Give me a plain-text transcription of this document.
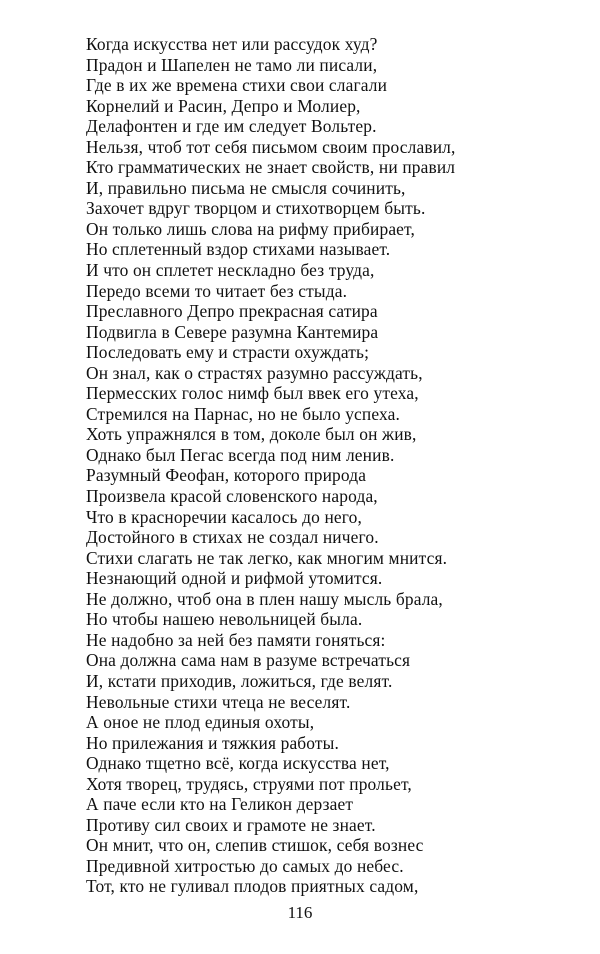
Когда искусства нет или рассудок худ?
Прадон и Шапелен не тамо ли писали,
Где в их же времена стихи свои слагали
Корнелий и Расин, Депро и Молиер,
Делафонтен и где им следует Вольтер.
Нельзя, чтоб тот себя письмом своим прославил,
Кто грамматических не знает свойств, ни правил
И, правильно письма не смысля сочинить,
Захочет вдруг творцом и стихотворцем быть.
Он только лишь слова на рифму прибирает,
Но сплетенный вздор стихами называет.
И что он сплетет нескладно без труда,
Передо всеми то читает без стыда.
Преславного Депро прекрасная сатира
Подвигла в Севере разумна Кантемира
Последовать ему и страсти охуждать;
Он знал, как о страстях разумно рассуждать,
Пермесских голос нимф был ввек его утеха,
Стремился на Парнас, но не было успеха.
Хоть упражнялся в том, доколе был он жив,
Однако был Пегас всегда под ним ленив.
Разумный Феофан, которого природа
Произвела красой словенского народа,
Что в красноречии касалось до него,
Достойного в стихах не создал ничего.
Стихи слагать не так легко, как многим мнится.
Незнающий одной и рифмой утомится.
Не должно, чтоб она в плен нашу мысль брала,
Но чтобы нашею невольницей была.
Не надобно за ней без памяти гоняться:
Она должна сама нам в разуме встречаться
И, кстати приходив, ложиться, где велят.
Невольные стихи чтеца не веселят.
А оное не плод единыя охоты,
Но прилежания и тяжкия работы.
Однако тщетно всё, когда искусства нет,
Хотя творец, трудясь, струями пот прольет,
А паче если кто на Геликон дерзает
Противу сил своих и грамоте не знает.
Он мнит, что он, слепив стишок, себя вознес
Предивной хитростью до самых до небес.
Тот, кто не гуливал плодов приятных садом,
116
